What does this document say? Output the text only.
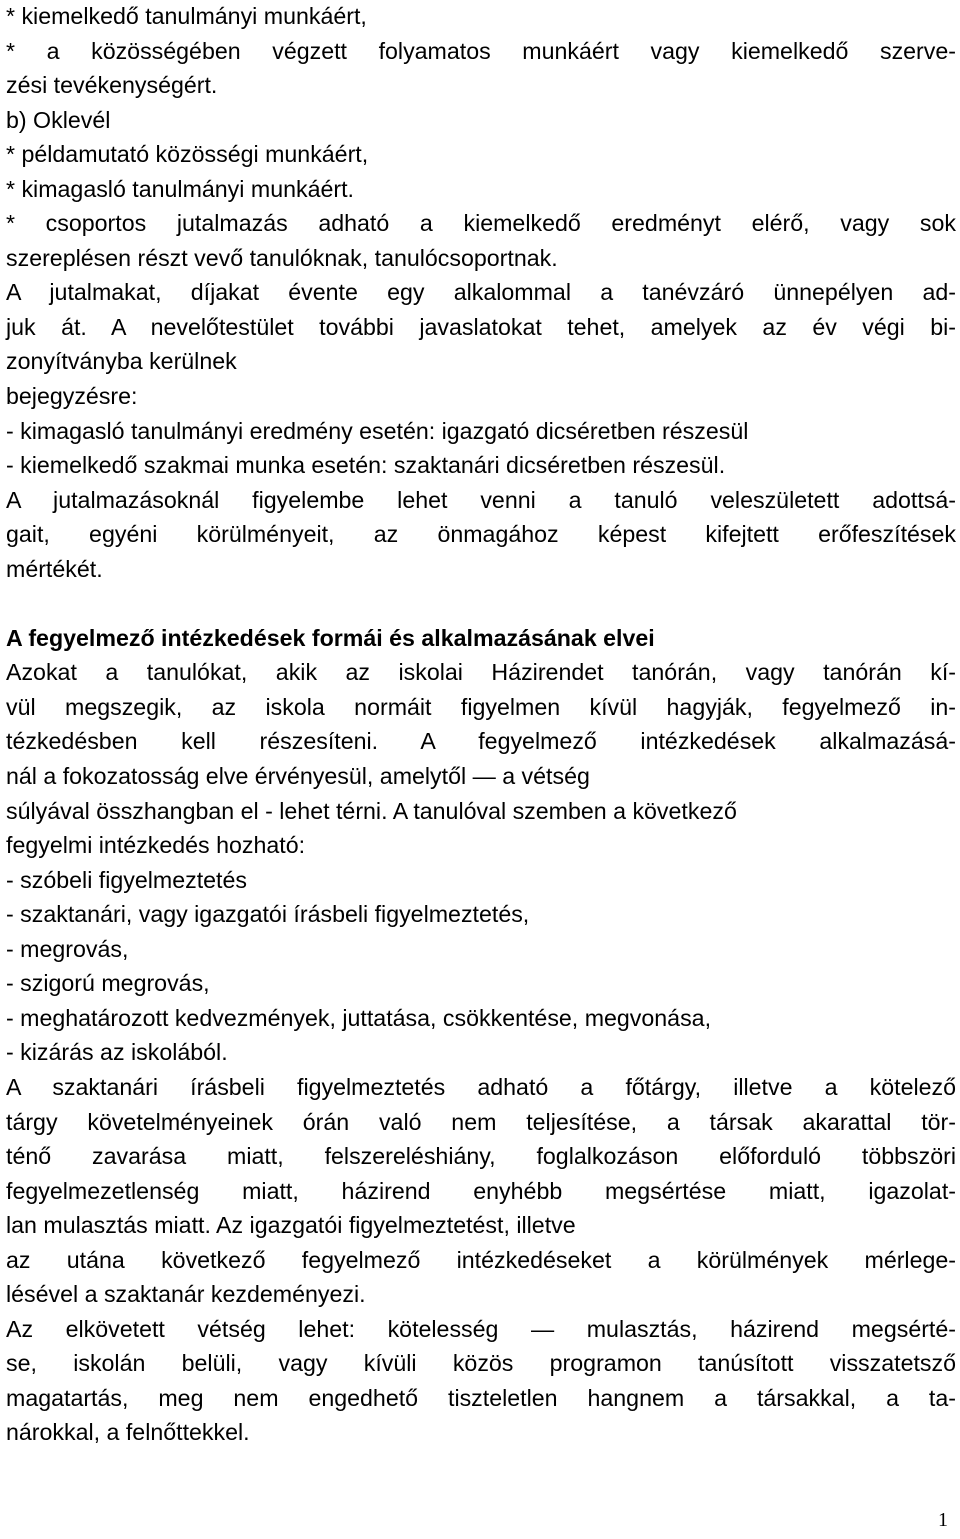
* kiemelkedő tanulmányi munkáért,
* a közösségében végzett folyamatos munkáért vagy kiemelkedő szerve-
zési tevékenységért.
b) Oklevél
* példamutató közösségi munkáért,
* kimagasló tanulmányi munkáért.
* csoportos jutalmazás adható a kiemelkedő eredményt elérő, vagy sok
szereplésen részt vevő tanulóknak, tanulócsoportnak.
A jutalmakat, díjakat évente egy alkalommal a tanévzáró ünnepélyen ad-
juk át. A nevelőtestület további javaslatokat tehet, amelyek az év végi bi-
zonyítványba kerülnek
bejegyzésre:
- kimagasló tanulmányi eredmény esetén: igazgató dicséretben részesül
- kiemelkedő szakmai munka esetén: szaktanári dicséretben részesül.
A jutalmazásoknál figyelembe lehet venni a tanuló veleszületett adottsá-
gait, egyéni körülményeit, az önmagához képest kifejtett erőfeszítések
mértékét.
A fegyelmező intézkedések formái és alkalmazásának elvei
Azokat a tanulókat, akik az iskolai Házirendet tanórán, vagy tanórán kí-
vül megszegik, az iskola normáit figyelmen kívül hagyják, fegyelmező in-
tézkedésben kell részesíteni. A fegyelmező intézkedések alkalmazásá-
nál a fokozatosság elve érvényesül, amelytől — a vétség
súlyával összhangban el - lehet térni. A tanulóval szemben a következő
fegyelmi intézkedés hozható:
- szóbeli figyelmeztetés
- szaktanári, vagy igazgatói írásbeli figyelmeztetés,
- megrovás,
- szigorú megrovás,
- meghatározott kedvezmények, juttatása, csökkentése, megvonása,
- kizárás az iskolából.
A szaktanári írásbeli figyelmeztetés adható a főtárgy, illetve a kötelező
tárgy követelményeinek órán való nem teljesítése, a társak akarattal tör-
ténő zavarása miatt, felszereléshiány, foglalkozáson előforduló többszöri
fegyelmezetlenség miatt, házirend enyhébb megsértése miatt, igazolat-
lan mulasztás miatt. Az igazgatói figyelmeztetést, illetve
az utána következő fegyelmező intézkedéseket a körülmények mérlege-
lésével a szaktanár kezdeményezi.
Az elkövetett vétség lehet: kötelesség — mulasztás, házirend megsérté-
se, iskolán belüli, vagy kívüli közös programon tanúsított visszatetsző
magatartás, meg nem engedhető tiszteletlen hangnem a társakkal, a ta-
nárokkal, a felnőttekkel.
1
